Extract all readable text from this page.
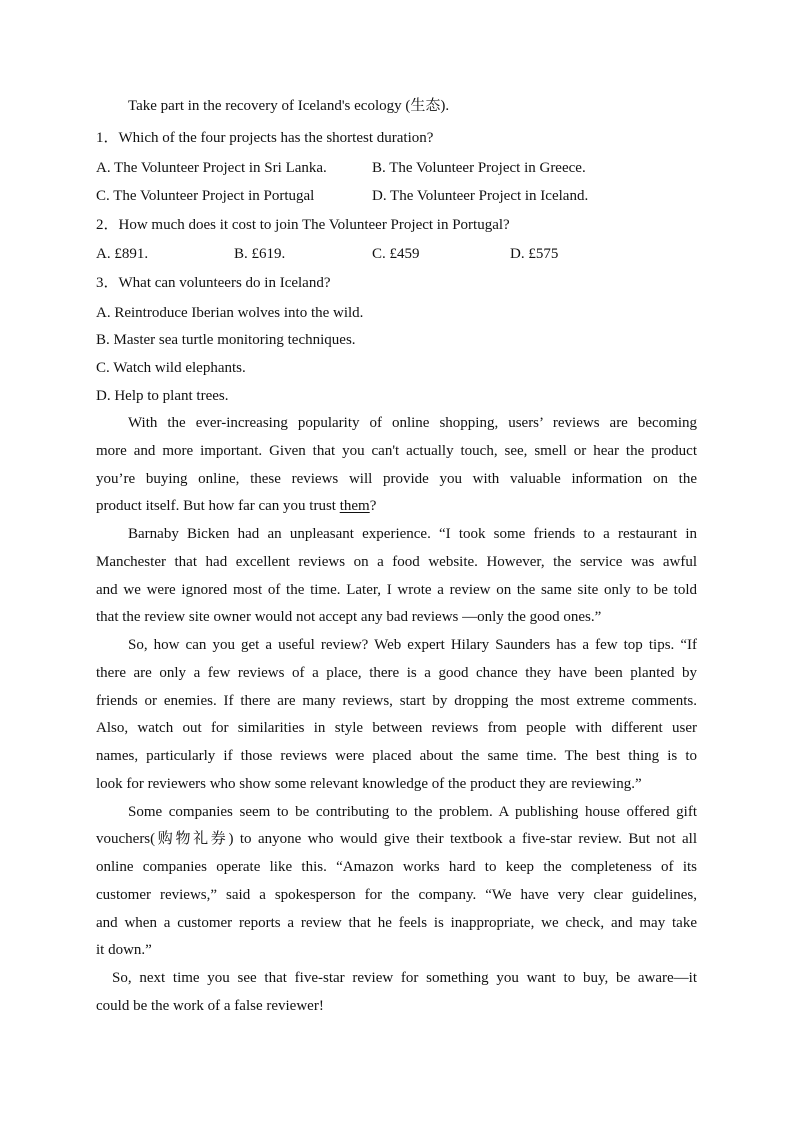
Take part in the recovery of Iceland's ecology (生态).
1．Which of the four projects has the shortest duration?

A. The Volunteer Project in Sri Lanka.

	B. The Volunteer Project in Greece.

C. The Volunteer Project in Portugal

	D. The Volunteer Project in Iceland.

2．How much does it cost to join The Volunteer Project in Portugal?

A. £891.

	B. £619.

	C. £459

	D. £575

3．What can volunteers do in Iceland?
A. Reintroduce Iberian wolves into the wild.
B. Master sea turtle monitoring techniques.
C. Watch wild elephants.
D. Help to plant trees.
With the ever-increasing popularity of online shopping, users’ reviews are becoming
more and more important. Given that you can't actually touch, see, smell or hear the product
you’re buying online, these reviews will provide you with valuable information on the
product itself. But how far can you trust them?
Barnaby Bicken had an unpleasant experience. “I took some friends to a restaurant in
Manchester that had excellent reviews on a food website. However, the service was awful
and we were ignored most of the time. Later, I wrote a review on the same site only to be told
that the review site owner would not accept any bad reviews —only the good ones.”
So, how can you get a useful review? Web expert Hilary Saunders has a few top tips. “If
there are only a few reviews of a place, there is a good chance they have been planted by
friends or enemies. If there are many reviews, start by dropping the most extreme comments.
Also, watch out for similarities in style between reviews from people with different user
names, particularly if those reviews were placed about the same time. The best thing is to
look for reviewers who show some relevant knowledge of the product they are reviewing.”
Some companies seem to be contributing to the problem. A publishing house offered gift
vouchers(购物礼券) to anyone who would give their textbook a five-star review. But not all
online companies operate like this. “Amazon works hard to keep the completeness of its
customer reviews,” said a spokesperson for the company. “We have very clear guidelines,
and when a customer reports a review that he feels is inappropriate, we check, and may take
it down.”
So, next time you see that five-star review for something you want to buy, be aware—it
could be the work of a false reviewer!
